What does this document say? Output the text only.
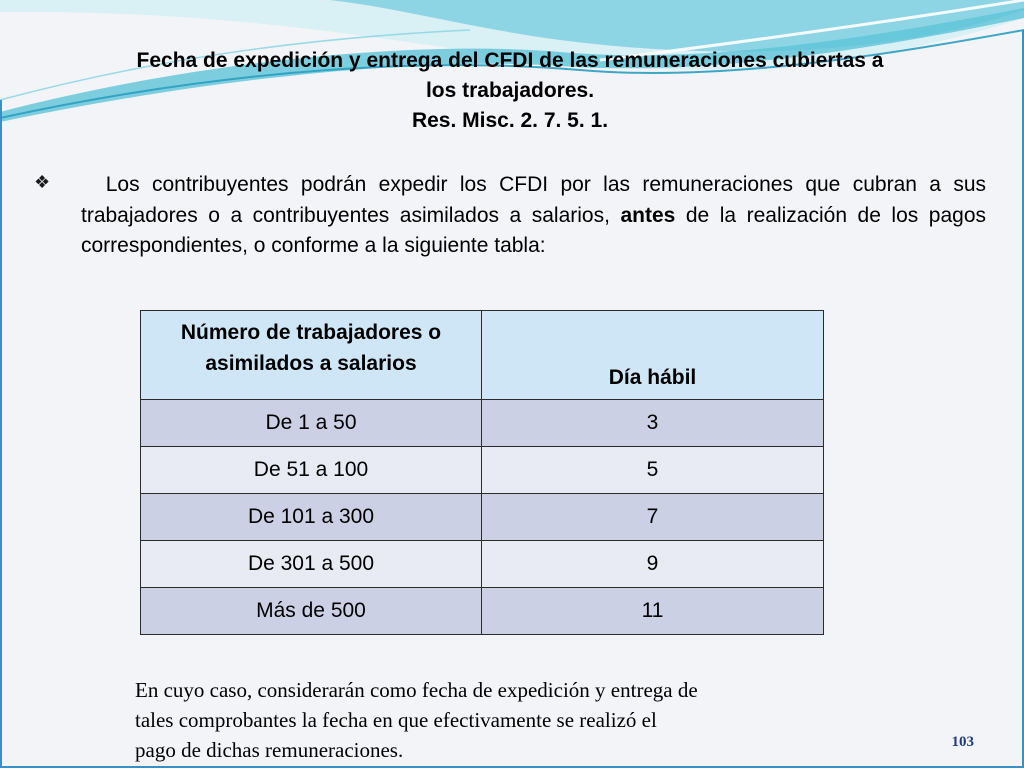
Fecha de expedición y entrega del CFDI de las remuneraciones cubiertas a
los trabajadores.
Res. Misc. 2. 7. 5. 1.
❖	Los contribuyentes podrán expedir los CFDI por las remuneraciones que cubran a sus trabajadores o a contribuyentes asimilados a salarios, antes de la realización de los pagos correspondientes, o conforme a la siguiente tabla:
Número de trabajadores o
asimilados a salarios	Día hábil
De 1 a 50	3
De 51 a 100	5
De 101 a 300	7
De 301 a 500	9
Más de 500	11
En cuyo caso, considerarán como fecha de expedición y entrega de
tales comprobantes la fecha en que efectivamente se realizó el
pago de dichas remuneraciones.	103
